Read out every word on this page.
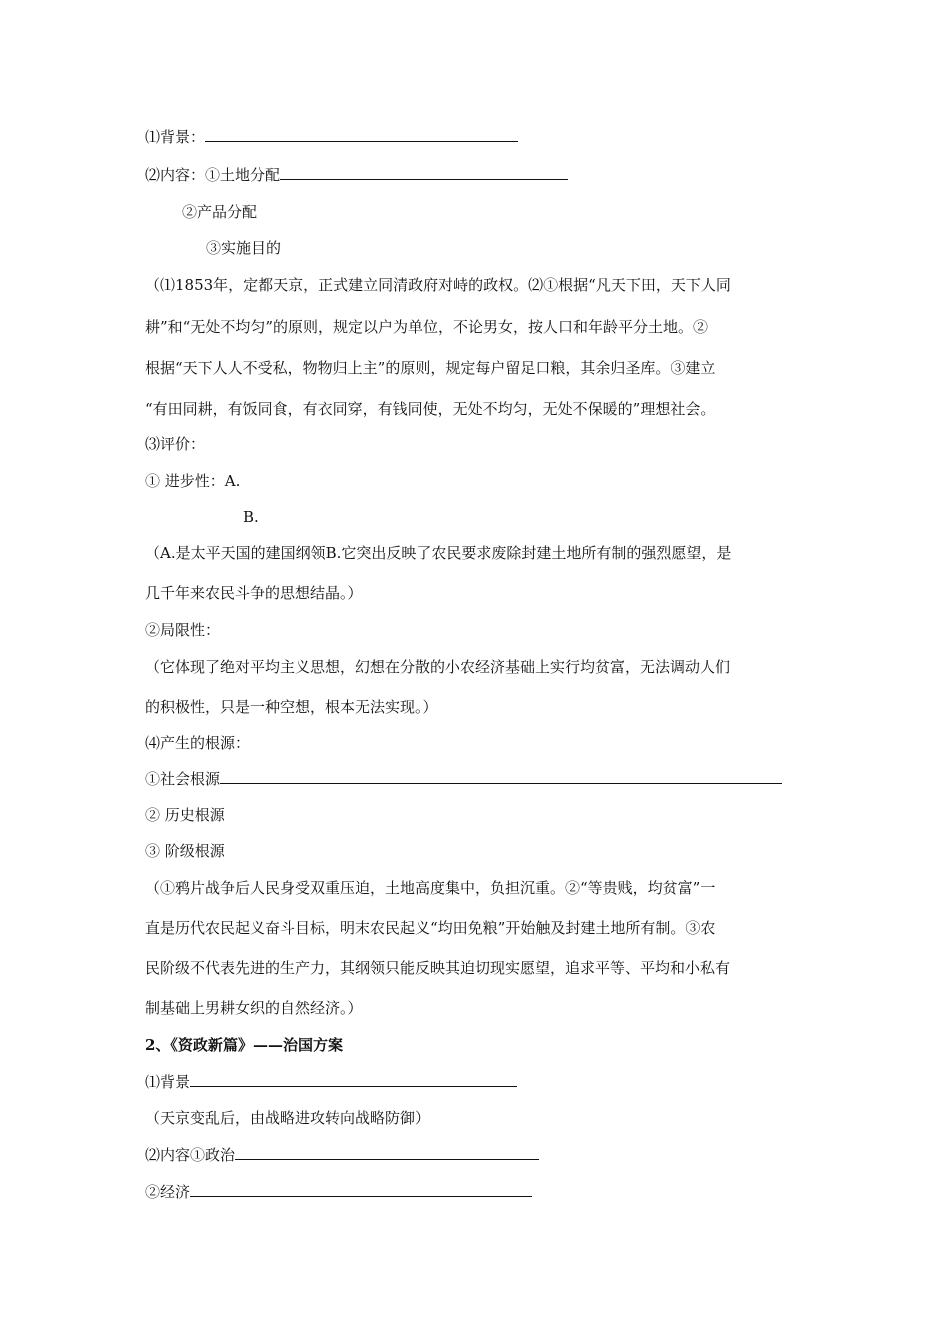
⑴背景：
⑵内容：①土地分配
②产品分配
③实施目的
（⑴1853年，定都天京，正式建立同清政府对峙的政权。⑵①根据“凡天下田，天下人同
耕”和“无处不均匀”的原则，规定以户为单位，不论男女，按人口和年龄平分土地。②
根据“天下人人不受私，物物归上主”的原则，规定每户留足口粮，其余归圣库。③建立
“有田同耕，有饭同食，有衣同穿，有钱同使，无处不均匀，无处不保暖的”理想社会。
⑶评价：
① 进步性：A.
B.
（A.是太平天国的建国纲领B.它突出反映了农民要求废除封建土地所有制的强烈愿望，是
几千年来农民斗争的思想结晶。）
②局限性：
（它体现了绝对平均主义思想，幻想在分散的小农经济基础上实行均贫富，无法调动人们
的积极性，只是一种空想，根本无法实现。）
⑷产生的根源：
①社会根源
② 历史根源
③ 阶级根源
（①鸦片战争后人民身受双重压迫，土地高度集中，负担沉重。②“等贵贱，均贫富”一
直是历代农民起义奋斗目标，明末农民起义“均田免粮”开始触及封建土地所有制。③农
民阶级不代表先进的生产力，其纲领只能反映其迫切现实愿望，追求平等、平均和小私有
制基础上男耕女织的自然经济。）
2、《资政新篇》——治国方案
⑴背景
（天京变乱后，由战略进攻转向战略防御）
⑵内容①政治
②经济
